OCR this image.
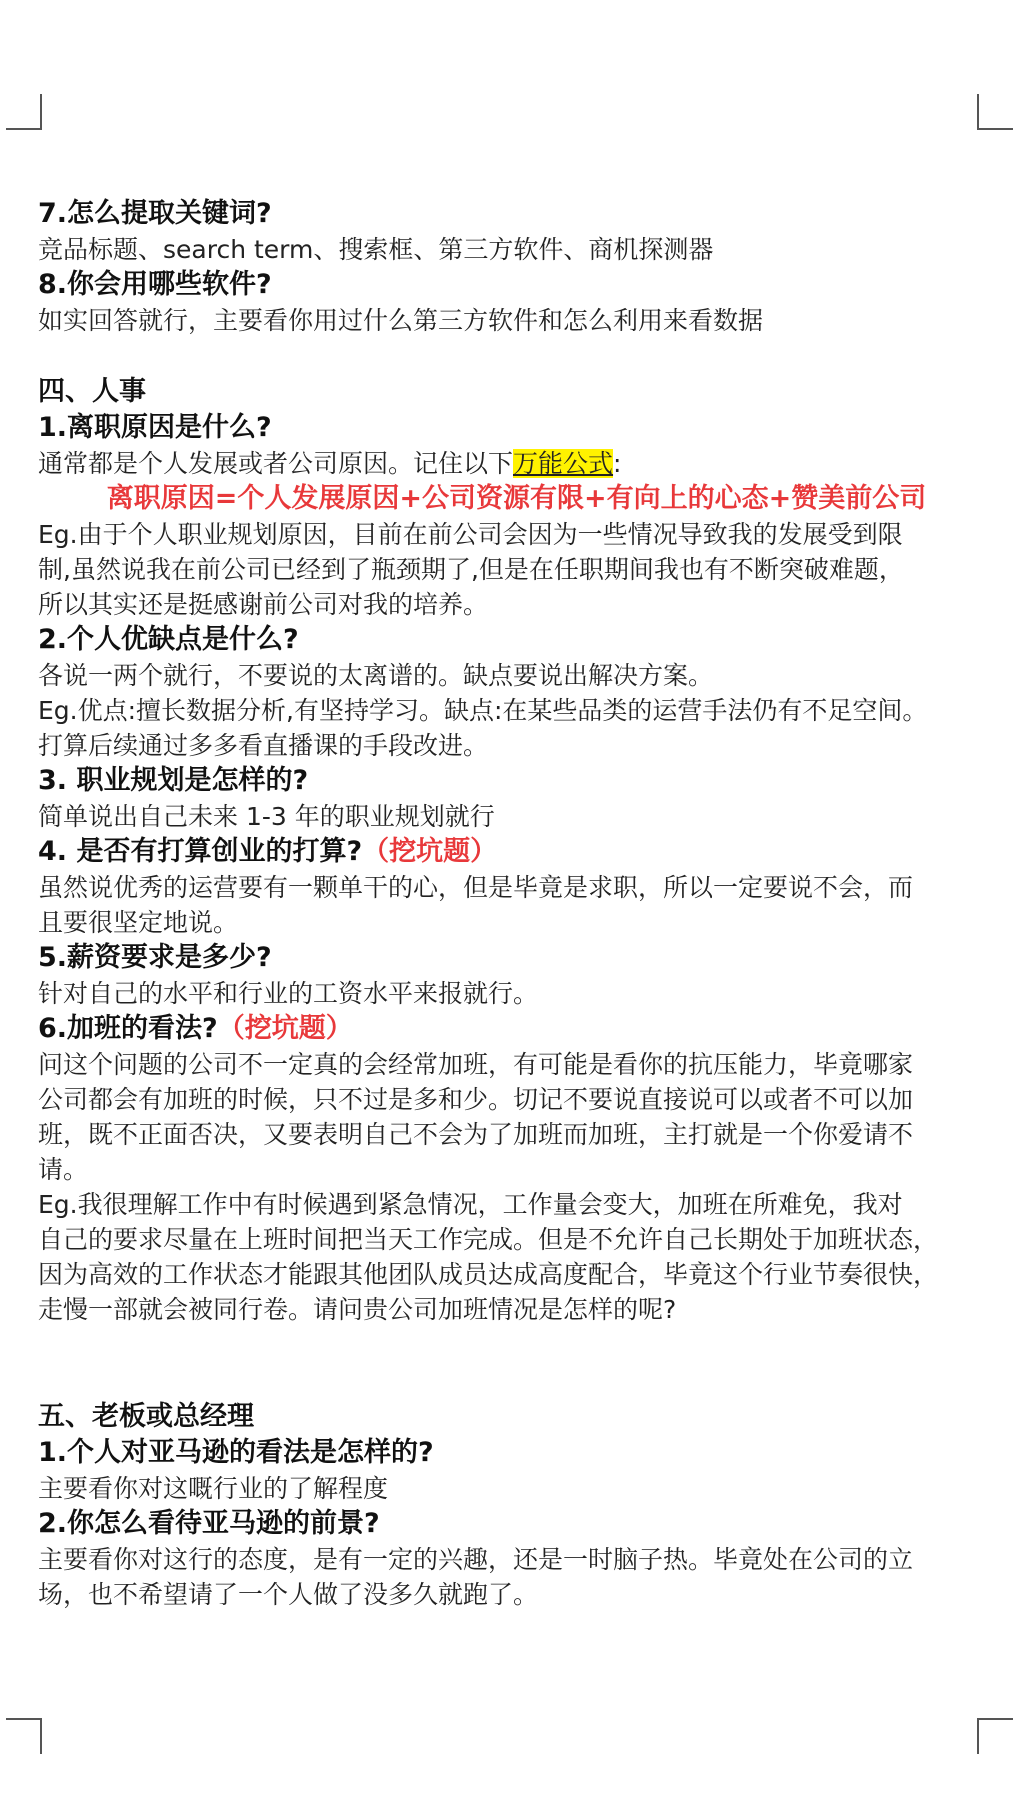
7.怎么提取关键词?

竞品标题、search term、搜索框、第三方软件、商机探测器

8.你会用哪些软件?

如实回答就行，主要看你用过什么第三方软件和怎么利用来看数据

四、人事

1.离职原因是什么?

通常都是个人发展或者公司原因。记住以下万能公式:

离职原因=个人发展原因+公司资源有限+有向上的心态+赞美前公司

Eg.由于个人职业规划原因，目前在前公司会因为一些情况导致我的发展受到限

制,虽然说我在前公司已经到了瓶颈期了,但是在任职期间我也有不断突破难题，

所以其实还是挺感谢前公司对我的培养。

2.个人优缺点是什么?

各说一两个就行，不要说的太离谱的。缺点要说出解决方案。

Eg.优点:擅长数据分析,有坚持学习。缺点:在某些品类的运营手法仍有不足空间。

打算后续通过多多看直播课的手段改进。

3. 职业规划是怎样的?

简单说出自己未来 1-3 年的职业规划就行

4. 是否有打算创业的打算?（挖坑题）

虽然说优秀的运营要有一颗单干的心，但是毕竟是求职，所以一定要说不会，而

且要很坚定地说。

5.薪资要求是多少?

针对自己的水平和行业的工资水平来报就行。

6.加班的看法?（挖坑题）

问这个问题的公司不一定真的会经常加班，有可能是看你的抗压能力，毕竟哪家

公司都会有加班的时候，只不过是多和少。切记不要说直接说可以或者不可以加

班，既不正面否决，又要表明自己不会为了加班而加班，主打就是一个你爱请不

请。

Eg.我很理解工作中有时候遇到紧急情况，工作量会变大，加班在所难免，我对

自己的要求尽量在上班时间把当天工作完成。但是不允许自己长期处于加班状态，

因为高效的工作状态才能跟其他团队成员达成高度配合，毕竟这个行业节奏很快，

走慢一部就会被同行卷。请问贵公司加班情况是怎样的呢?

五、老板或总经理

1.个人对亚马逊的看法是怎样的?

主要看你对这嘅行业的了解程度

2.你怎么看待亚马逊的前景?

主要看你对这行的态度，是有一定的兴趣，还是一时脑子热。毕竟处在公司的立

场，也不希望请了一个人做了没多久就跑了。
